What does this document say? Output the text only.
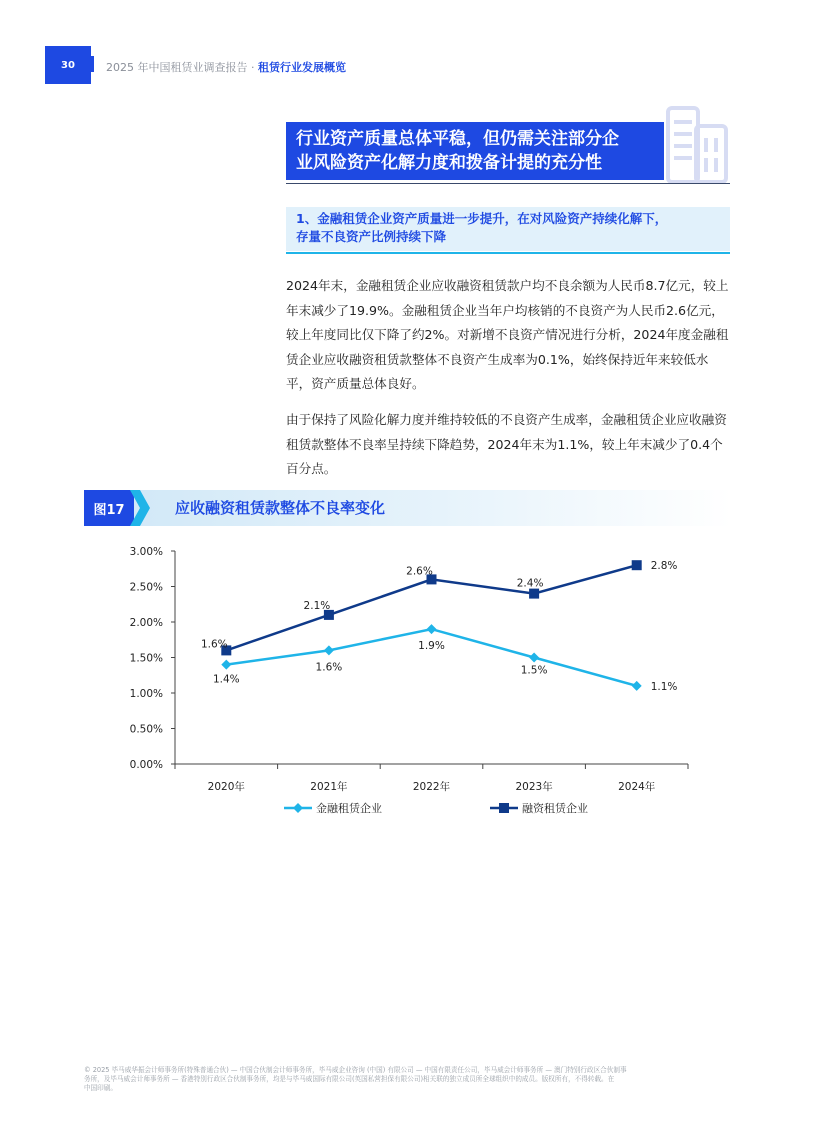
30	2025 年中国租赁业调查报告 · 租赁行业发展概览
行业资产质量总体平稳，但仍需关注部分企
业风险资产化解力度和拨备计提的充分性
1、金融租赁企业资产质量进一步提升，在对风险资产持续化解下，
存量不良资产比例持续下降

2024年末，金融租赁企业应收融资租赁款户均不良余额为人民币8.7亿元，较上年末减少了19.9%。金融租赁企业当年户均核销的不良资产为人民币2.6亿元，较上年度同比仅下降了约2%。对新增不良资产情况进行分析，2024年度金融租赁企业应收融资租赁款整体不良资产生成率为0.1%，始终保持近年来较低水平，资产质量总体良好。

由于保持了风险化解力度并维持较低的不良资产生成率，金融租赁企业应收融资租赁款整体不良率呈持续下降趋势，2024年末为1.1%，较上年末减少了0.4个百分点。

图17	应收融资租赁款整体不良率变化
0.00%
0.50%
1.00%
1.50%
2.00%
2.50%
3.00%
2020年	2021年	2022年	2023年	2024年
1.4%
1.6%
1.9%
1.5%
1.1%
1.6%
2.1%
2.6%
2.4%
2.8%
金融租赁企业	融资租赁企业
© 2025 毕马威华振会计师事务所(特殊普通合伙) — 中国合伙制会计师事务所，毕马威企业咨询 (中国) 有限公司 — 中国有限责任公司，毕马威会计师事务所 — 澳门特别行政区合伙制事
务所，及毕马威会计师事务所 — 香港特别行政区合伙制事务所，均是与毕马威国际有限公司(英国私营担保有限公司)相关联的独立成员所全球组织中的成员。版权所有，不得转载。在
中国印刷。
